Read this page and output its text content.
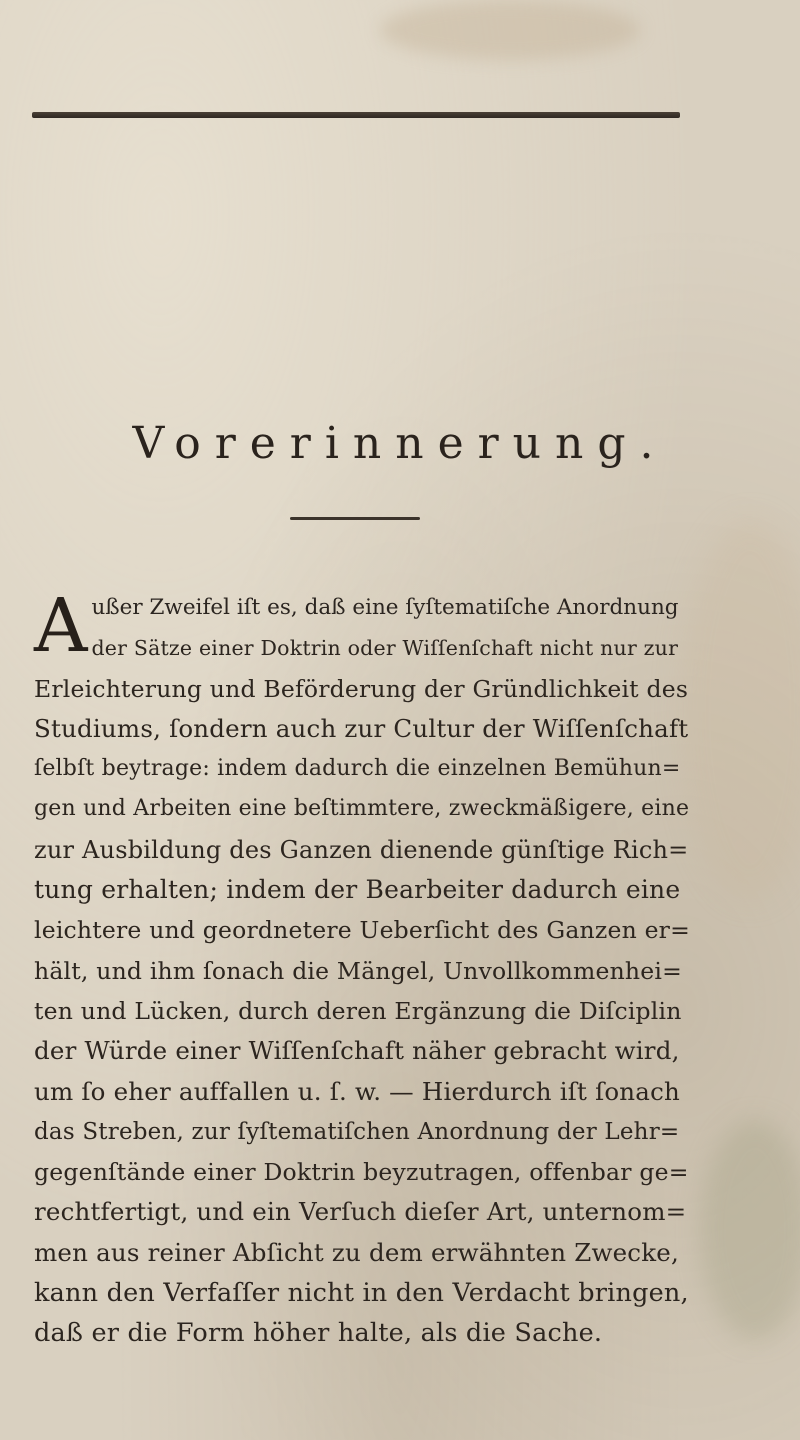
Vorerinnerung.
A ußer Zweifel iſt es, daß eine ſyſtematiſche Anordnung
der Sätze einer Doktrin oder Wiſſenſchaft nicht nur zur
Erleichterung und Beförderung der Gründlichkeit des
Studiums, ſondern auch zur Cultur der Wiſſenſchaft
ſelbſt beytrage: indem dadurch die einzelnen Bemühun=
gen und Arbeiten eine beſtimmtere, zweckmäßigere, eine
zur Ausbildung des Ganzen dienende günſtige Rich=
tung erhalten; indem der Bearbeiter dadurch eine
leichtere und geordnetere Ueberſicht des Ganzen er=
hält, und ihm ſonach die Mängel, Unvollkommenhei=
ten und Lücken, durch deren Ergänzung die Diſciplin
der Würde einer Wiſſenſchaft näher gebracht wird,
um ſo eher auffallen u. ſ. w. — Hierdurch iſt ſonach
das Streben, zur ſyſtematiſchen Anordnung der Lehr=
gegenſtände einer Doktrin beyzutragen, offenbar ge=
rechtfertigt, und ein Verſuch dieſer Art, unternom=
men aus reiner Abſicht zu dem erwähnten Zwecke,
kann den Verfaſſer nicht in den Verdacht bringen,
daß er die Form höher halte, als die Sache.
